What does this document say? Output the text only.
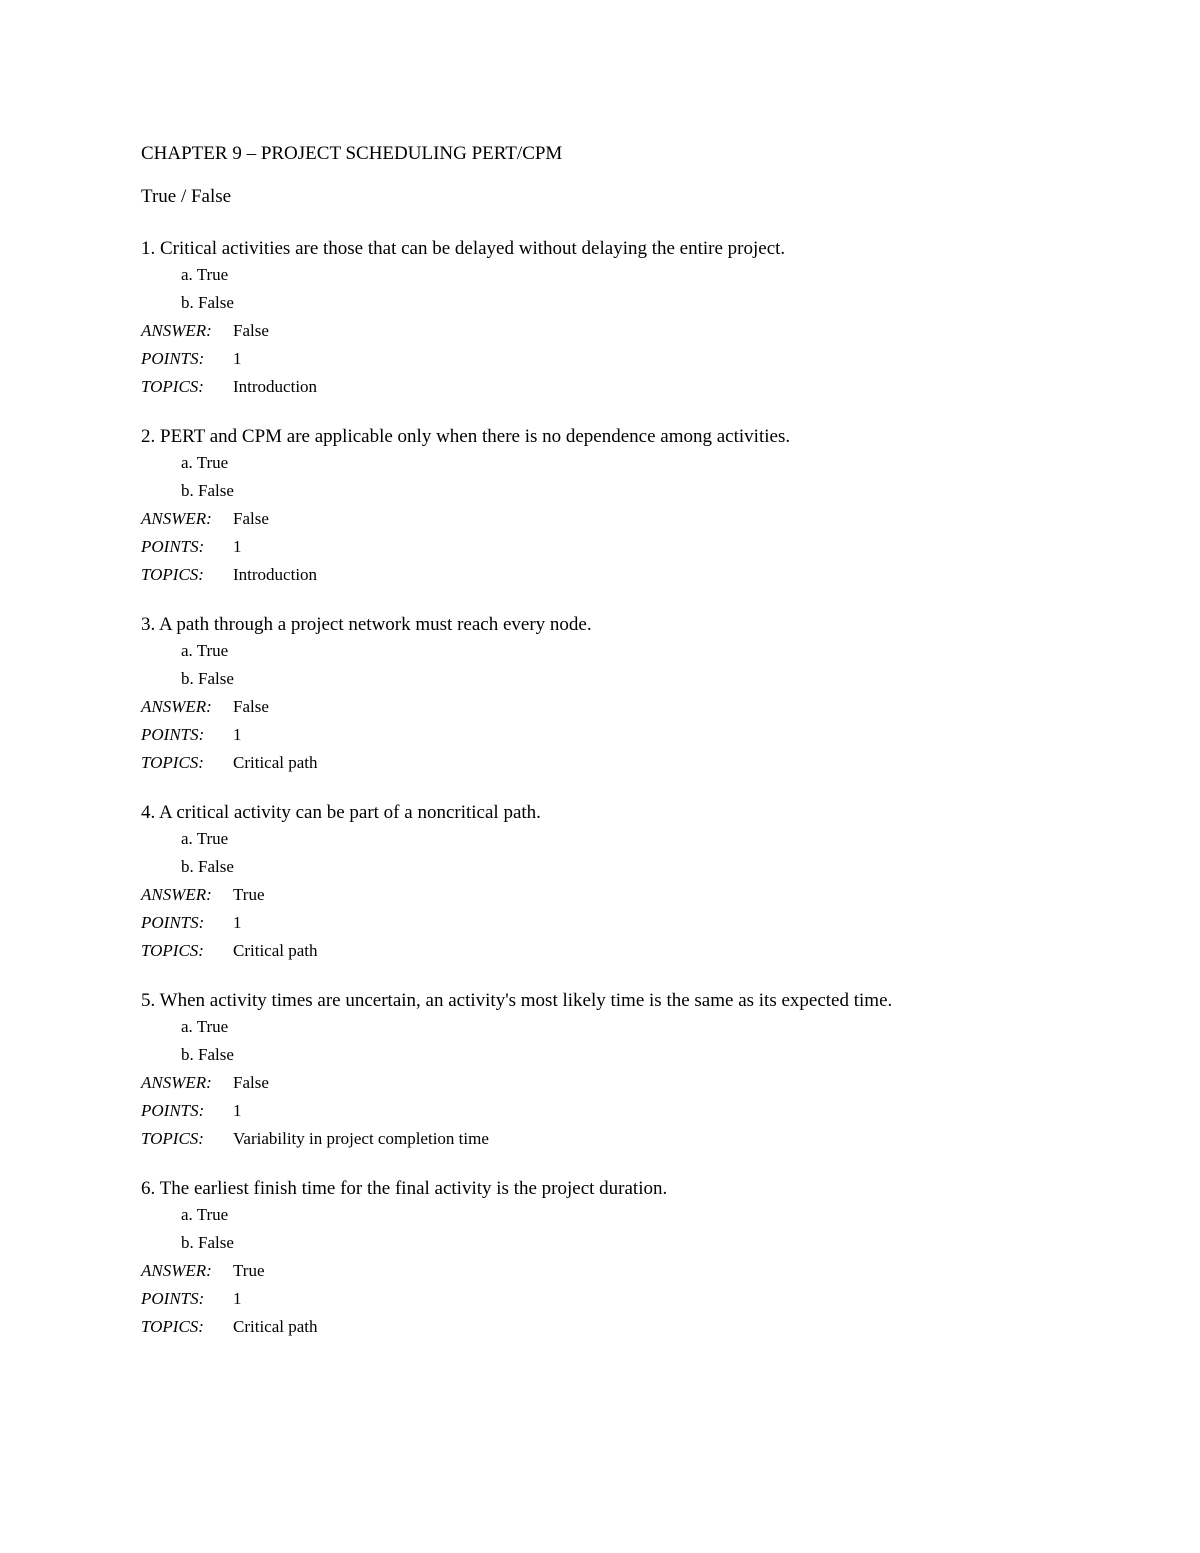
CHAPTER 9 – PROJECT SCHEDULING PERT/CPM
True / False
1. Critical activities are those that can be delayed without delaying the entire project.
a. True
b. False
ANSWER: False
POINTS: 1
TOPICS: Introduction
2. PERT and CPM are applicable only when there is no dependence among activities.
a. True
b. False
ANSWER: False
POINTS: 1
TOPICS: Introduction
3. A path through a project network must reach every node.
a. True
b. False
ANSWER: False
POINTS: 1
TOPICS: Critical path
4. A critical activity can be part of a noncritical path.
a. True
b. False
ANSWER: True
POINTS: 1
TOPICS: Critical path
5. When activity times are uncertain, an activity's most likely time is the same as its expected time.
a. True
b. False
ANSWER: False
POINTS: 1
TOPICS: Variability in project completion time
6. The earliest finish time for the final activity is the project duration.
a. True
b. False
ANSWER: True
POINTS: 1
TOPICS: Critical path
